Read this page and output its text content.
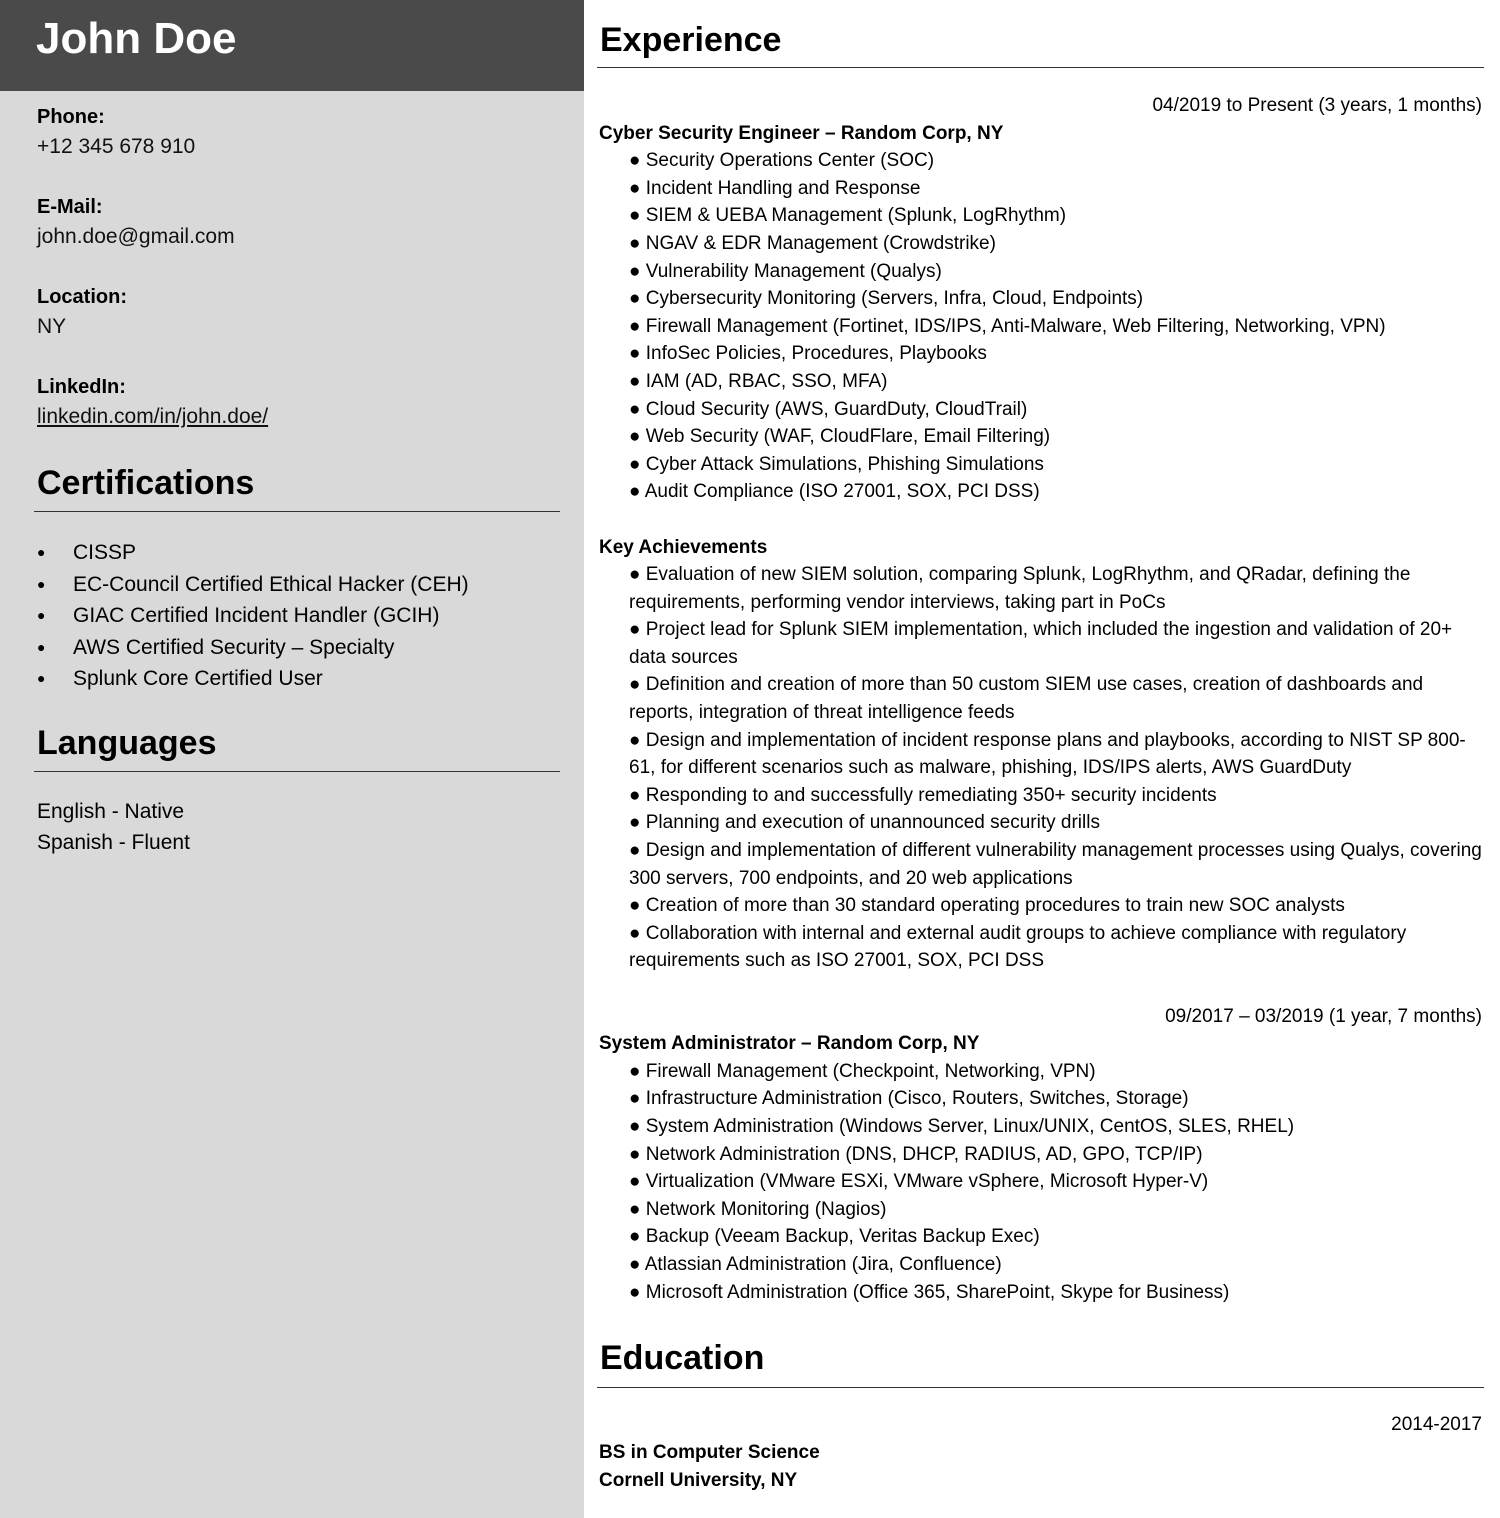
John Doe
Phone:
+12 345 678 910
E-Mail:
john.doe@gmail.com
Location:
NY
LinkedIn:
linkedin.com/in/john.doe/
Certifications
● CISSP
● EC-Council Certified Ethical Hacker (CEH)
● GIAC Certified Incident Handler (GCIH)
● AWS Certified Security – Specialty
● Splunk Core Certified User
Languages
English - Native
Spanish - Fluent
Experience
04/2019 to Present (3 years, 1 months)
Cyber Security Engineer – Random Corp, NY
● Security Operations Center (SOC)
● Incident Handling and Response
● SIEM & UEBA Management (Splunk, LogRhythm)
● NGAV & EDR Management (Crowdstrike)
● Vulnerability Management (Qualys)
● Cybersecurity Monitoring (Servers, Infra, Cloud, Endpoints)
● Firewall Management (Fortinet, IDS/IPS, Anti-Malware, Web Filtering, Networking, VPN)
● InfoSec Policies, Procedures, Playbooks
● IAM (AD, RBAC, SSO, MFA)
● Cloud Security (AWS, GuardDuty, CloudTrail)
● Web Security (WAF, CloudFlare, Email Filtering)
● Cyber Attack Simulations, Phishing Simulations
● Audit Compliance (ISO 27001, SOX, PCI DSS)
Key Achievements
● Evaluation of new SIEM solution, comparing Splunk, LogRhythm, and QRadar, defining the requirements, performing vendor interviews, taking part in PoCs
● Project lead for Splunk SIEM implementation, which included the ingestion and validation of 20+ data sources
● Definition and creation of more than 50 custom SIEM use cases, creation of dashboards and reports, integration of threat intelligence feeds
● Design and implementation of incident response plans and playbooks, according to NIST SP 800-61, for different scenarios such as malware, phishing, IDS/IPS alerts, AWS GuardDuty
● Responding to and successfully remediating 350+ security incidents
● Planning and execution of unannounced security drills
● Design and implementation of different vulnerability management processes using Qualys, covering 300 servers, 700 endpoints, and 20 web applications
● Creation of more than 30 standard operating procedures to train new SOC analysts
● Collaboration with internal and external audit groups to achieve compliance with regulatory requirements such as ISO 27001, SOX, PCI DSS
09/2017 – 03/2019 (1 year, 7 months)
System Administrator – Random Corp, NY
● Firewall Management (Checkpoint, Networking, VPN)
● Infrastructure Administration (Cisco, Routers, Switches, Storage)
● System Administration (Windows Server, Linux/UNIX, CentOS, SLES, RHEL)
● Network Administration (DNS, DHCP, RADIUS, AD, GPO, TCP/IP)
● Virtualization (VMware ESXi, VMware vSphere, Microsoft Hyper-V)
● Network Monitoring (Nagios)
● Backup (Veeam Backup, Veritas Backup Exec)
● Atlassian Administration (Jira, Confluence)
● Microsoft Administration (Office 365, SharePoint, Skype for Business)
Education
2014-2017
BS in Computer Science
Cornell University, NY
